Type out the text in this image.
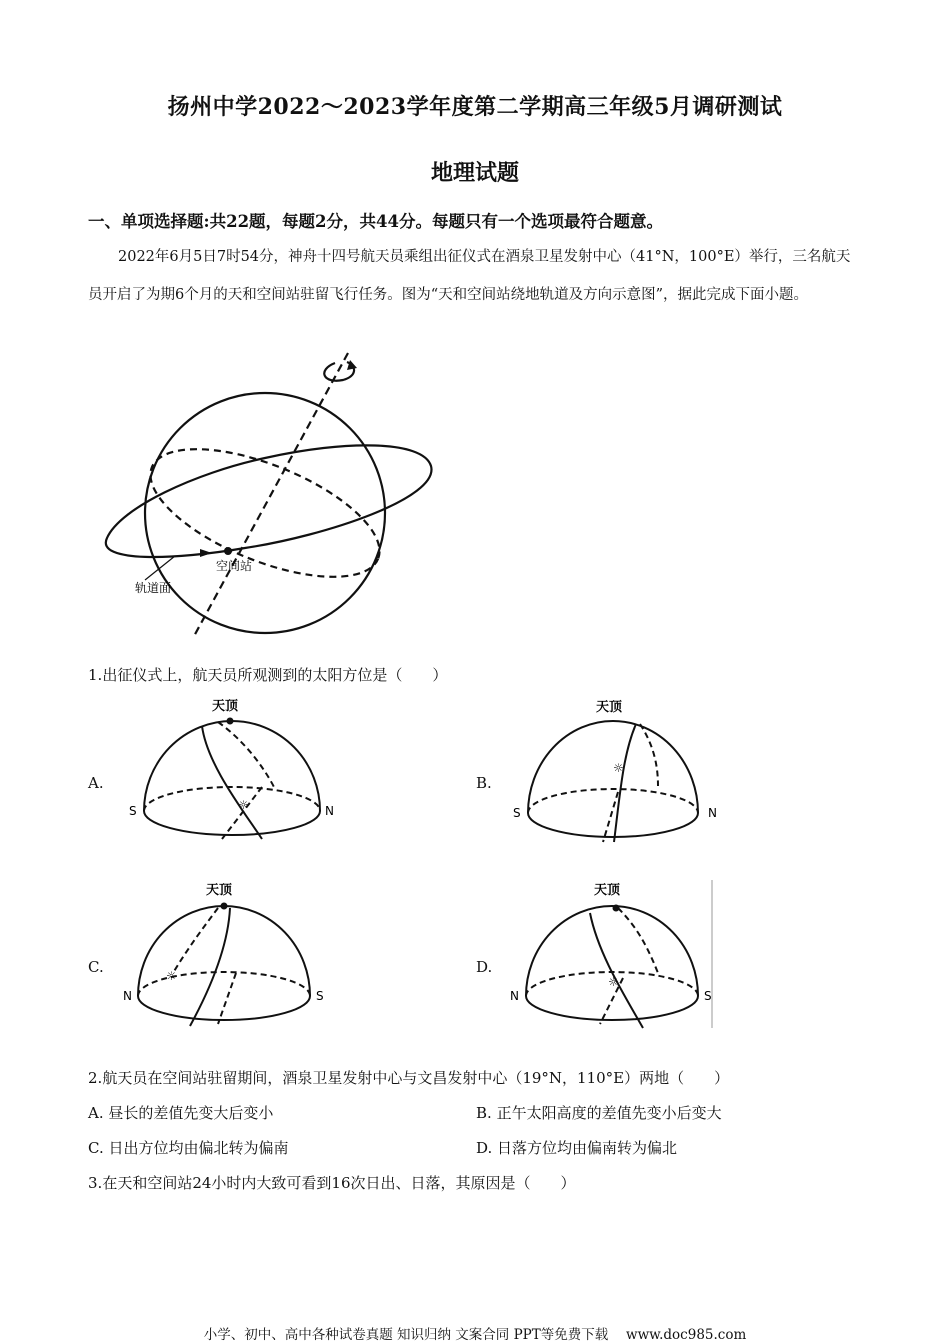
扬州中学2022～2023学年度第二学期高三年级5月调研测试
地理试题
一、单项选择题:共22题，每题2分，共44分。每题只有一个选项最符合题意。
2022年6月5日7时54分，神舟十四号航天员乘组出征仪式在酒泉卫星发射中心（41°N，100°E）举行，三名航天员开启了为期6个月的天和空间站驻留飞行任务。图为“天和空间站绕地轨道及方向示意图”，据此完成下面小题。
空间站
轨道面
1.出征仪式上，航天员所观测到的太阳方位是（　　）
A.
天顶
☼
S	N
B.
天顶
☼
S	N
C.
天顶
☼
N	S
D.
天顶
☼
N	S
2.航天员在空间站驻留期间，酒泉卫星发射中心与文昌发射中心（19°N，110°E）两地（　　）
A. 昼长的差值先变大后变小	B. 正午太阳高度的差值先变小后变大
C. 日出方位均由偏北转为偏南	D. 日落方位均由偏南转为偏北
3.在天和空间站24小时内大致可看到16次日出、日落，其原因是（　　）
小学、初中、高中各种试卷真题 知识归纳 文案合同 PPT等免费下载　 www.doc985.com
